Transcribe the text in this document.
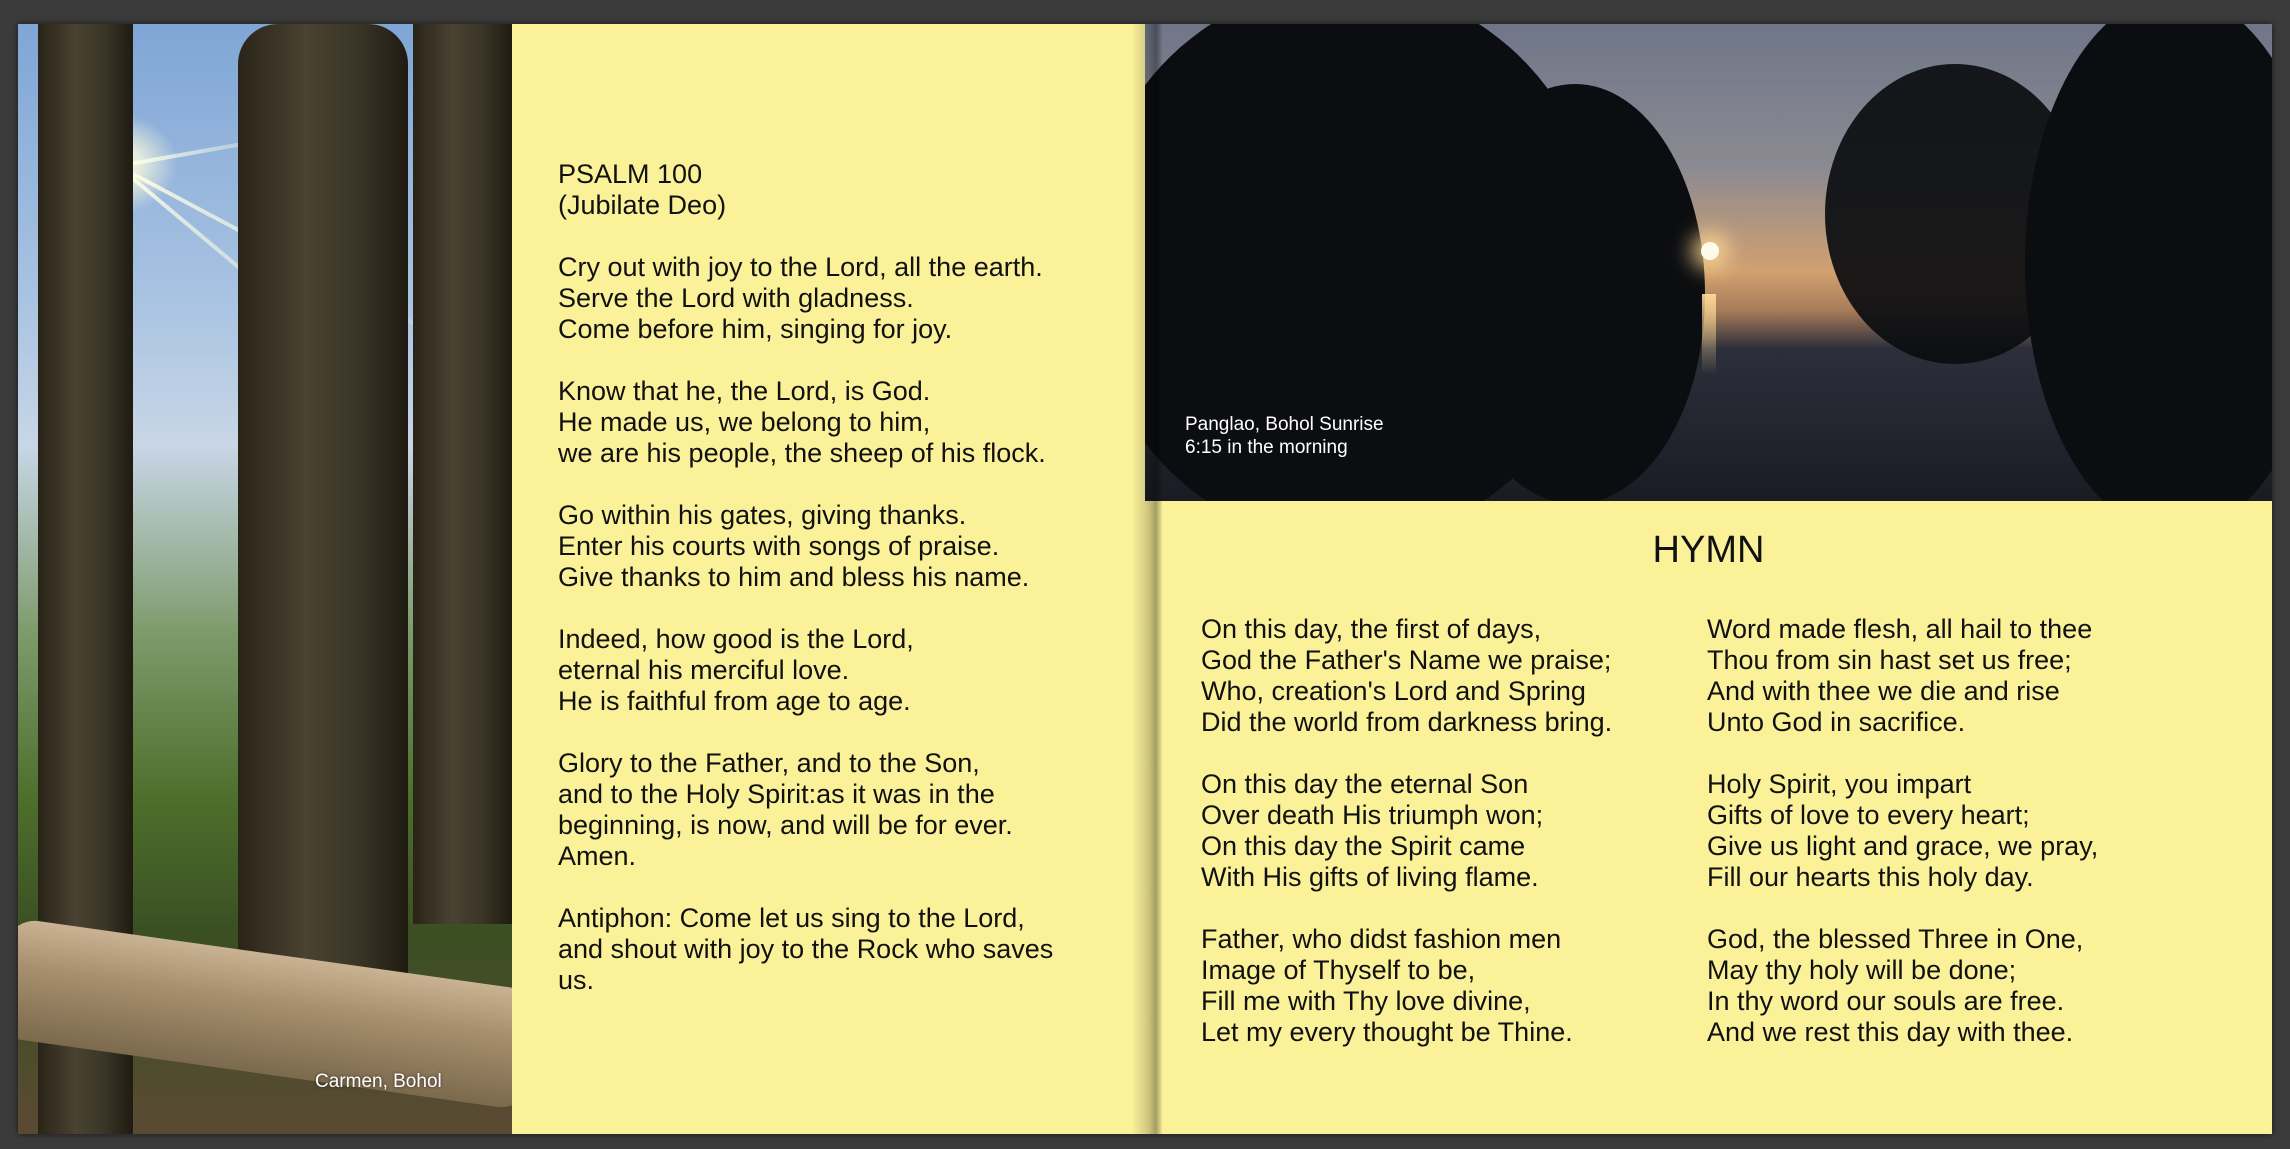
Carmen, Bohol
PSALM 100
(Jubilate Deo)
Cry out with joy to the Lord, all the earth.
Serve the Lord with gladness.
Come before him, singing for joy.
Know that he, the Lord, is God.
He made us, we belong to him,
we are his people, the sheep of his flock.
Go within his gates, giving thanks.
Enter his courts with songs of praise.
Give thanks to him and bless his name.
Indeed, how good is the Lord,
eternal his merciful love.
He is faithful from age to age.
Glory to the Father, and to the Son,
and to the Holy Spirit:as it was in the
beginning, is now, and will be for ever.
Amen.
Antiphon: Come let us sing to the Lord,
and shout with joy to the Rock who saves
us.
HYMN
On this day, the first of days,
God the Father's Name we praise;
Who, creation's Lord and Spring
Did the world from darkness bring.
On this day the eternal Son
Over death His triumph won;
On this day the Spirit came
With His gifts of living flame.
Father, who didst fashion men
Image of Thyself to be,
Fill me with Thy love divine,
Let my every thought be Thine.
Word made flesh, all hail to thee
Thou from sin hast set us free;
And with thee we die and rise
Unto God in sacrifice.
Holy Spirit, you impart
Gifts of love to every heart;
Give us light and grace, we pray,
Fill our hearts this holy day.
God, the blessed Three in One,
May thy holy will be done;
In thy word our souls are free.
And we rest this day with thee.
Panglao, Bohol Sunrise
6:15 in the morning
